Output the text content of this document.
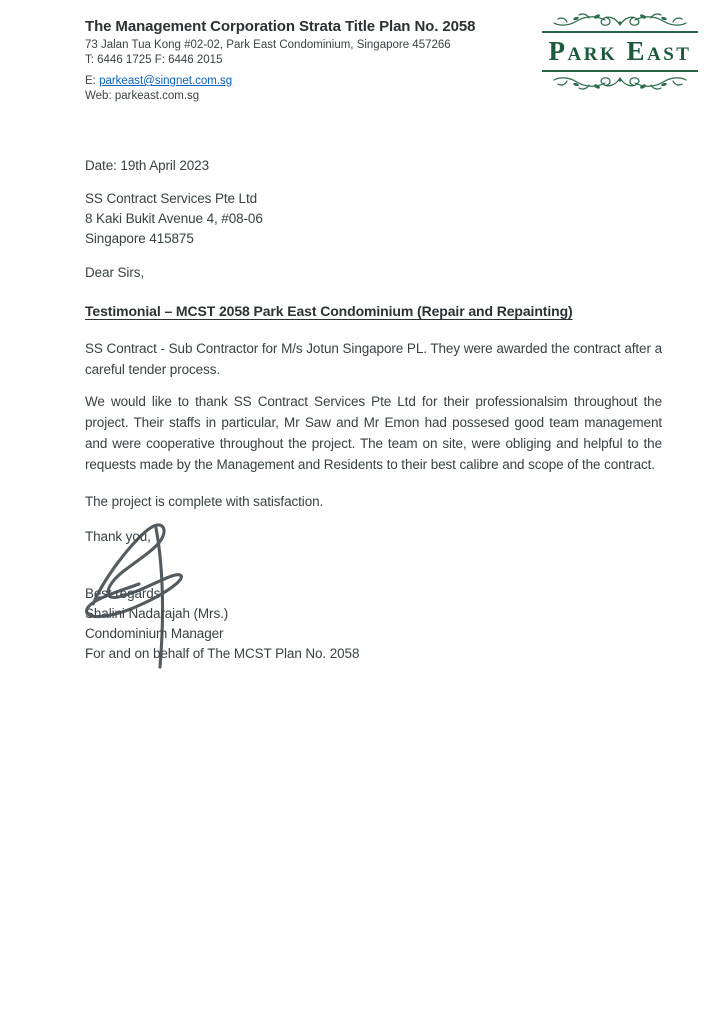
The Management Corporation Strata Title Plan No. 2058
73 Jalan Tua Kong #02-02, Park East Condominium, Singapore 457266
T: 6446 1725 F: 6446 2015
E: parkeast@singnet.com.sg
Web: parkeast.com.sg
Park East
Date: 19th April 2023
SS Contract Services Pte Ltd
8 Kaki Bukit Avenue 4, #08-06
Singapore 415875
Dear Sirs,
Testimonial – MCST 2058 Park East Condominium (Repair and Repainting)

SS Contract - Sub Contractor for M/s Jotun Singapore PL. They were awarded the contract after a careful tender process.

We would like to thank SS Contract Services Pte Ltd for their professionalsim throughout the project. Their staffs in particular, Mr Saw and Mr Emon had possesed good team management and were cooperative throughout the project. The team on site, were obliging and helpful to the requests made by the Management and Residents to their best calibre and scope of the contract.

The project is complete with satisfaction.

Thank you,
Best regards,
Shalini Nadarajah (Mrs.)
Condominium Manager
For and on behalf of The MCST Plan No. 2058
